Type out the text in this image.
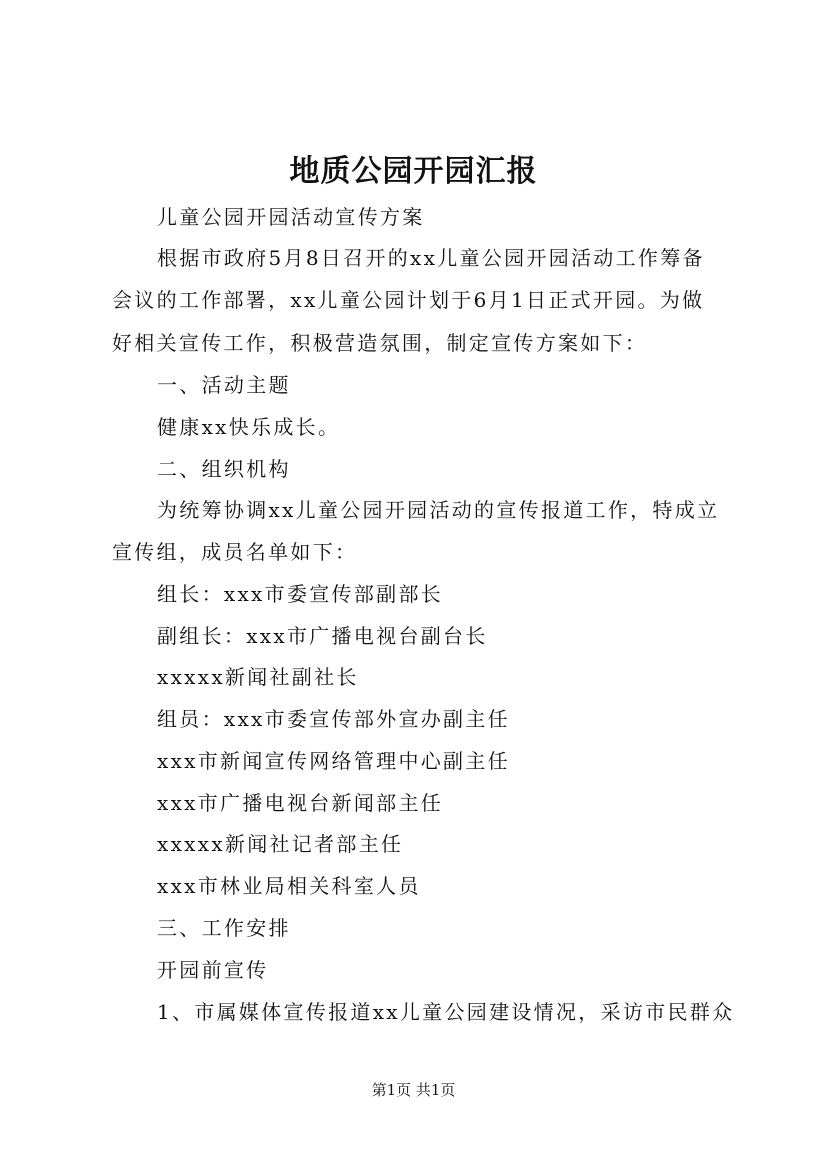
地质公园开园汇报
儿童公园开园活动宣传方案
根据市政府5月8日召开的xx儿童公园开园活动工作筹备
会议的工作部署，xx儿童公园计划于6月1日正式开园。为做
好相关宣传工作，积极营造氛围，制定宣传方案如下：
一、活动主题
健康xx快乐成长。
二、组织机构
为统筹协调xx儿童公园开园活动的宣传报道工作，特成立
宣传组，成员名单如下：
组长：xxx市委宣传部副部长
副组长：xxx市广播电视台副台长
xxxxx新闻社副社长
组员：xxx市委宣传部外宣办副主任
xxx市新闻宣传网络管理中心副主任
xxx市广播电视台新闻部主任
xxxxx新闻社记者部主任
xxx市林业局相关科室人员
三、工作安排
开园前宣传
1、市属媒体宣传报道xx儿童公园建设情况，采访市民群众
第1页 共1页
